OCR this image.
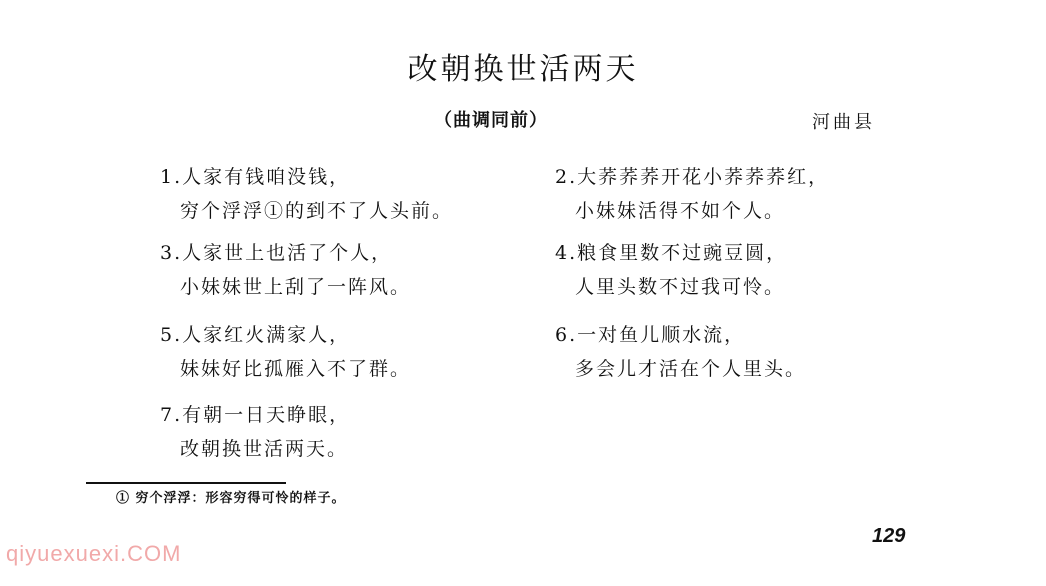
改朝换世活两天
（曲调同前）	河曲县
1.人家有钱咱没钱，
穷个浮浮①的到不了人头前。
2.大荞荞荞开花小荞荞荞红，
小妹妹活得不如个人。
3.人家世上也活了个人，
小妹妹世上刮了一阵风。
4.粮食里数不过豌豆圆，
人里头数不过我可怜。
5.人家红火满家人，
妹妹好比孤雁入不了群。
6.一对鱼儿顺水流，
多会儿才活在个人里头。
7.有朝一日天睁眼，
改朝换世活两天。
① 穷个浮浮：形容穷得可怜的样子。
129
qiyuexuexi.COM
